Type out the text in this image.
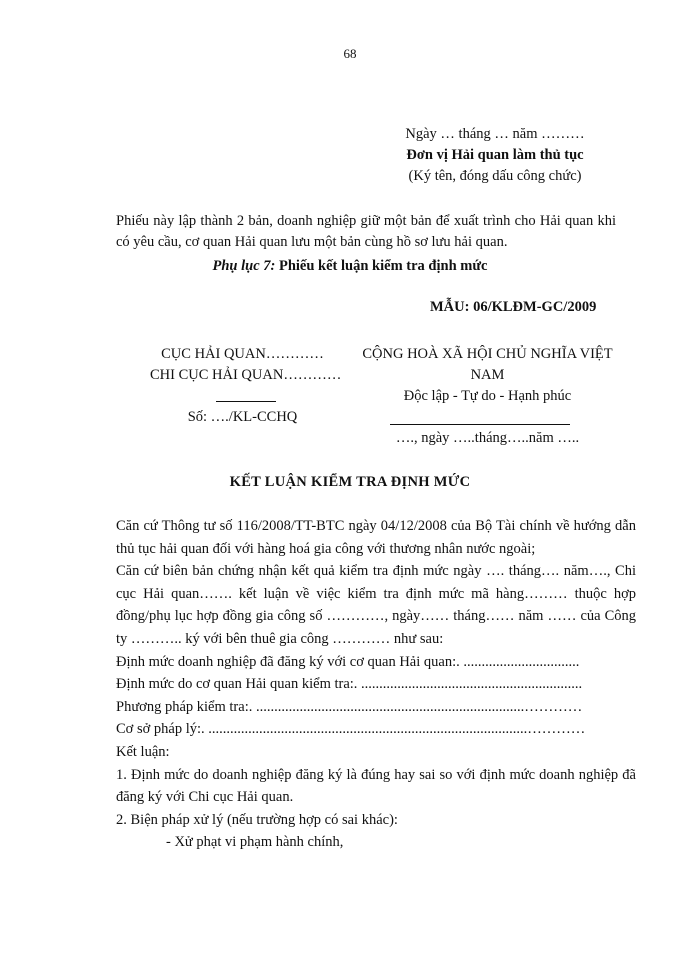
68
Ngày … tháng … năm ………
Đơn vị Hải quan làm thủ tục
(Ký tên, đóng dấu công chức)
Phiếu này lập thành 2 bản, doanh nghiệp giữ một bản để xuất trình cho Hải quan khi có yêu cầu, cơ quan Hải quan lưu một bản cùng hồ sơ lưu hải quan.
Phụ lục 7: Phiếu kết luận kiểm tra định mức
MẪU: 06/KLĐM-GC/2009
CỤC HẢI QUAN…………
CHI CỤC HẢI QUAN…………
Số: …./KL-CCHQ
CỘNG HOÀ XÃ HỘI CHỦ NGHĨA VIỆT
NAM
Độc lập - Tự do - Hạnh phúc
…., ngày …..tháng…..năm …..
KẾT LUẬN KIỂM TRA ĐỊNH MỨC

Căn cứ Thông tư số 116/2008/TT-BTC ngày 04/12/2008 của Bộ Tài chính về hướng dẫn thủ tục hải quan đối với hàng hoá gia công với thương nhân nước ngoài;

Căn cứ biên bản chứng nhận kết quả kiểm tra định mức ngày …. tháng…. năm…., Chi cục Hải quan……. kết luận về việc kiểm tra định mức mã hàng……… thuộc hợp đồng/phụ lục hợp đồng gia công số …………, ngày…… tháng…… năm …… của Công ty ……….. ký với bên thuê gia công ………… như sau:

Định mức doanh nghiệp đã đăng ký với cơ quan Hải quan:. ................................

Định mức do cơ quan Hải quan kiểm tra:. .............................................................

Phương pháp kiểm tra:. ..........................................................................…………

Cơ sở pháp lý:. ........................................................................................…………

Kết luận:

1. Định mức do doanh nghiệp đăng ký là đúng hay sai so với định mức doanh nghiệp đã đăng ký với Chi cục Hải quan.

2. Biện pháp xử lý (nếu trường hợp có sai khác):

- Xử phạt vi phạm hành chính,
